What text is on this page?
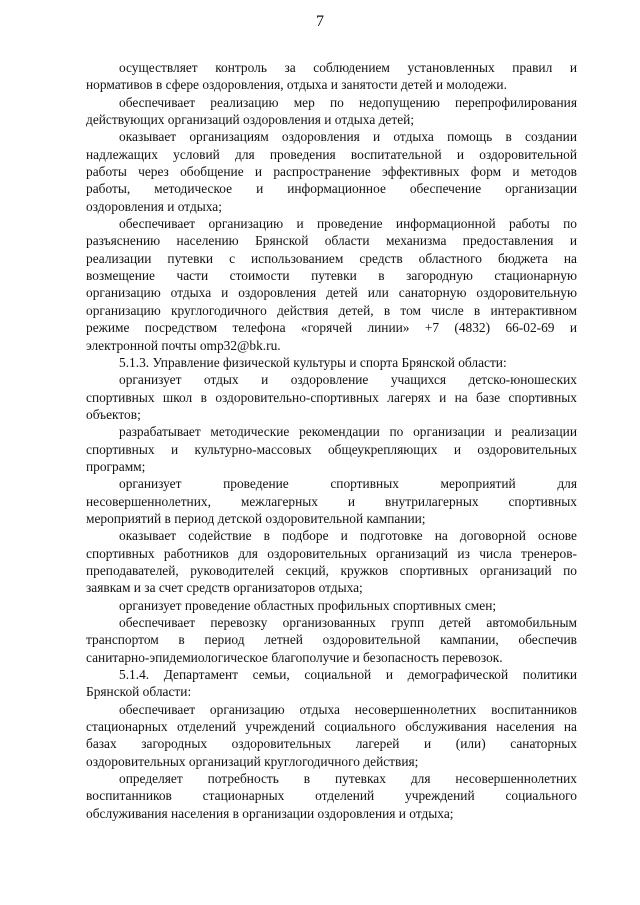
7
осуществляет контроль за соблюдением установленных правил и
нормативов в сфере оздоровления, отдыха и занятости детей и молодежи.
обеспечивает реализацию мер по недопущению перепрофилирования
действующих организаций оздоровления и отдыха детей;
оказывает организациям оздоровления и отдыха помощь в создании
надлежащих условий для проведения воспитательной и оздоровительной
работы через обобщение и распространение эффективных форм и методов
работы, методическое и информационное обеспечение организации
оздоровления и отдыха;
обеспечивает организацию и проведение информационной работы по
разъяснению населению Брянской области механизма предоставления и
реализации путевки с использованием средств областного бюджета на
возмещение части стоимости путевки в загородную стационарную
организацию отдыха и оздоровления детей или санаторную оздоровительную
организацию круглогодичного действия детей, в том числе в интерактивном
режиме посредством телефона «горячей линии» +7 (4832) 66-02-69 и
электронной почты omp32@bk.ru.
5.1.3. Управление физической культуры и спорта Брянской области:
организует отдых и оздоровление учащихся детско-юношеских
спортивных школ в оздоровительно-спортивных лагерях и на базе спортивных
объектов;
разрабатывает методические рекомендации по организации и реализации
спортивных и культурно-массовых общеукрепляющих и оздоровительных
программ;
организует проведение спортивных мероприятий для
несовершеннолетних, межлагерных и внутрилагерных спортивных
мероприятий в период детской оздоровительной кампании;
оказывает содействие в подборе и подготовке на договорной основе
спортивных работников для оздоровительных организаций из числа тренеров-
преподавателей, руководителей секций, кружков спортивных организаций по
заявкам и за счет средств организаторов отдыха;
организует проведение областных профильных спортивных смен;
обеспечивает перевозку организованных групп детей автомобильным
транспортом в период летней оздоровительной кампании, обеспечив
санитарно-эпидемиологическое благополучие и безопасность перевозок.
5.1.4. Департамент семьи, социальной и демографической политики
Брянской области:
обеспечивает организацию отдыха несовершеннолетних воспитанников
стационарных отделений учреждений социального обслуживания населения на
базах загородных оздоровительных лагерей и (или) санаторных
оздоровительных организаций круглогодичного действия;
определяет потребность в путевках для несовершеннолетних
воспитанников стационарных отделений учреждений социального
обслуживания населения в организации оздоровления и отдыха;
